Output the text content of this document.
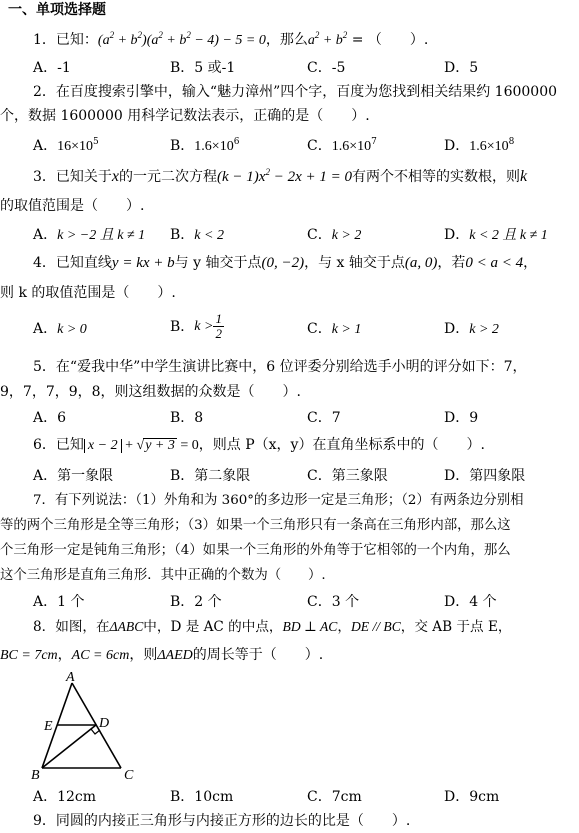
一、单项选择题
1．已知：$(a^2 + b^2)(a^2 + b^2 - 4) - 5 = 0$，那么$a^2 + b^2$ = （　　）.
A．-1	B．5 或-1	C．-5	D．5
2．在百度搜索引擎中，输入“魅力漳州”四个字，百度为您找到相关结果约 1600000
个，数据 1600000 用科学记数法表示，正确的是（　　）.
A．$16\times 10^5$	B．$1.6\times 10^6$	C．$1.6\times 10^7$	D．$1.6\times 10^8$
3．已知关于x的一元二次方程$(k - 1)x^2 - 2x + 1 = 0$有两个不相等的实数根，则k
的取值范围是（　　）.
A．k > −2 且 k ≠ 1 B．k < 2	C．k > 2	D．k < 2 且 k ≠ 1
4．已知直线y = kx + b与 y 轴交于点(0, −2)，与 x 轴交于点(a, 0)，若0 < a < 4，
则 k 的取值范围是（　　）.
A．k > 0	B．$k > \frac{1}{2}$	C．k > 1	D．k > 2
5．在“爱我中华”中学生演讲比赛中，6 位评委分别给选手小明的评分如下：7，
9，7，7，9，8，则这组数据的众数是（　　）.
A．6	B．8	C．7	D．9
6．已知 x − 2 + √y + 3 = 0，则点 P（x，y）在直角坐标系中的（　　）.
A．第一象限	B．第二象限	C．第三象限	D．第四象限
7．有下列说法：（1）外角和为 360°的多边形一定是三角形；（2）有两条边分别相
等的两个三角形是全等三角形；（3）如果一个三角形只有一条高在三角形内部，那么这
个三角形一定是钝角三角形；（4）如果一个三角形的外角等于它相邻的一个内角，那么
这个三角形是直角三角形．其中正确的个数为（　　）.
A．1 个	B．2 个	C．3 个	D．4 个
8．如图，在ΔABC中，D 是 AC 的中点，BD ⊥ AC，DE // BC，交 AB 于点 E，
BC = 7cm，AC = 6cm，则ΔAED的周长等于（　　）.
A
E	D
B	C
A．12cm	B．10cm	C．7cm	D．9cm
9．同圆的内接正三角形与内接正方形的边长的比是（　　）.
